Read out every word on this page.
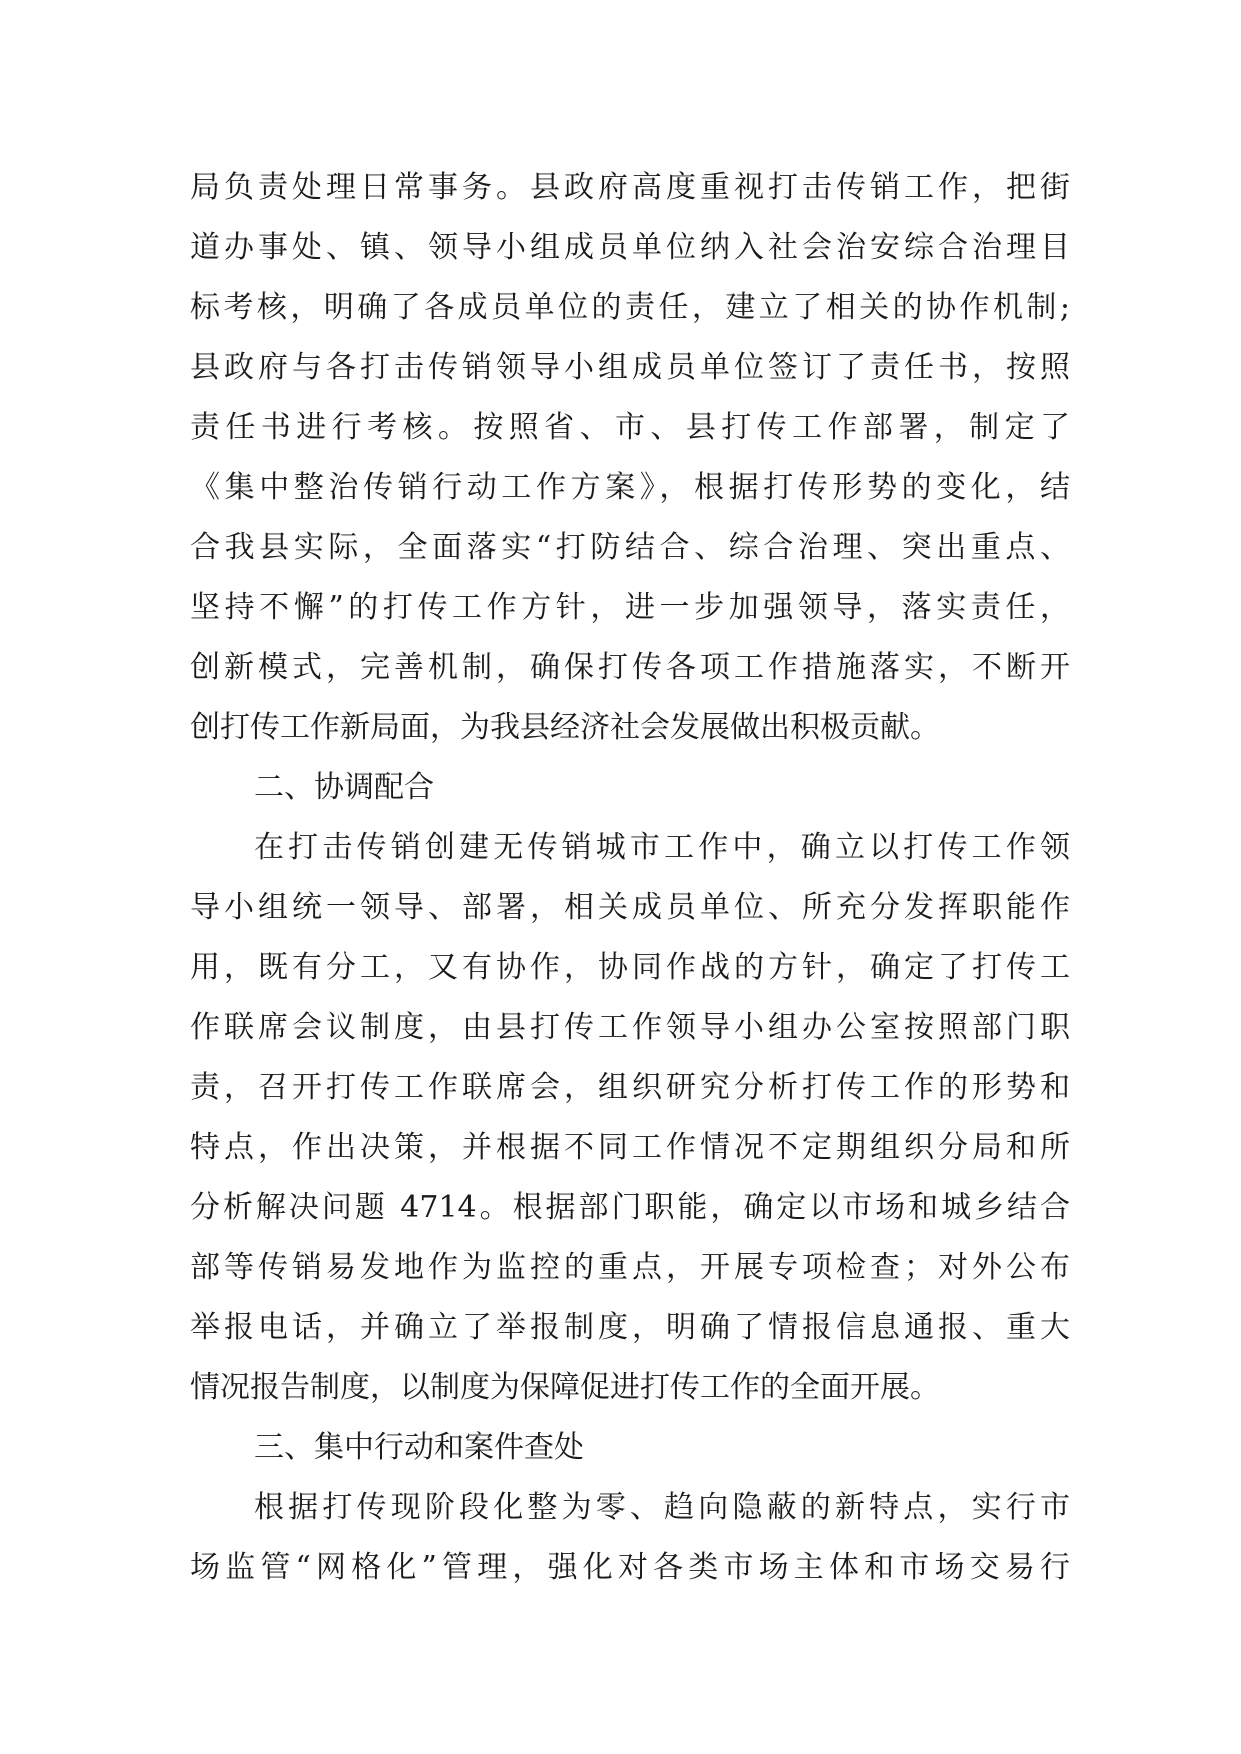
局负责处理日常事务。县政府高度重视打击传销工作，把街
道办事处、镇、领导小组成员单位纳入社会治安综合治理目
标考核，明确了各成员单位的责任，建立了相关的协作机制;
县政府与各打击传销领导小组成员单位签订了责任书，按照
责任书进行考核。按照省、市、县打传工作部署，制定了
《集中整治传销行动工作方案》，根据打传形势的变化，结
合我县实际，全面落实“打防结合、综合治理、突出重点、
坚持不懈”的打传工作方针，进一步加强领导，落实责任，
创新模式，完善机制，确保打传各项工作措施落实，不断开
创打传工作新局面，为我县经济社会发展做出积极贡献。
二、协调配合
在打击传销创建无传销城市工作中，确立以打传工作领
导小组统一领导、部署，相关成员单位、所充分发挥职能作
用，既有分工，又有协作，协同作战的方针，确定了打传工
作联席会议制度，由县打传工作领导小组办公室按照部门职
责，召开打传工作联席会，组织研究分析打传工作的形势和
特点，作出决策，并根据不同工作情况不定期组织分局和所
分析解决问题 4714。根据部门职能，确定以市场和城乡结合
部等传销易发地作为监控的重点，开展专项检查；对外公布
举报电话，并确立了举报制度，明确了情报信息通报、重大
情况报告制度，以制度为保障促进打传工作的全面开展。
三、集中行动和案件查处
根据打传现阶段化整为零、趋向隐蔽的新特点，实行市
场监管“网格化”管理，强化对各类市场主体和市场交易行
